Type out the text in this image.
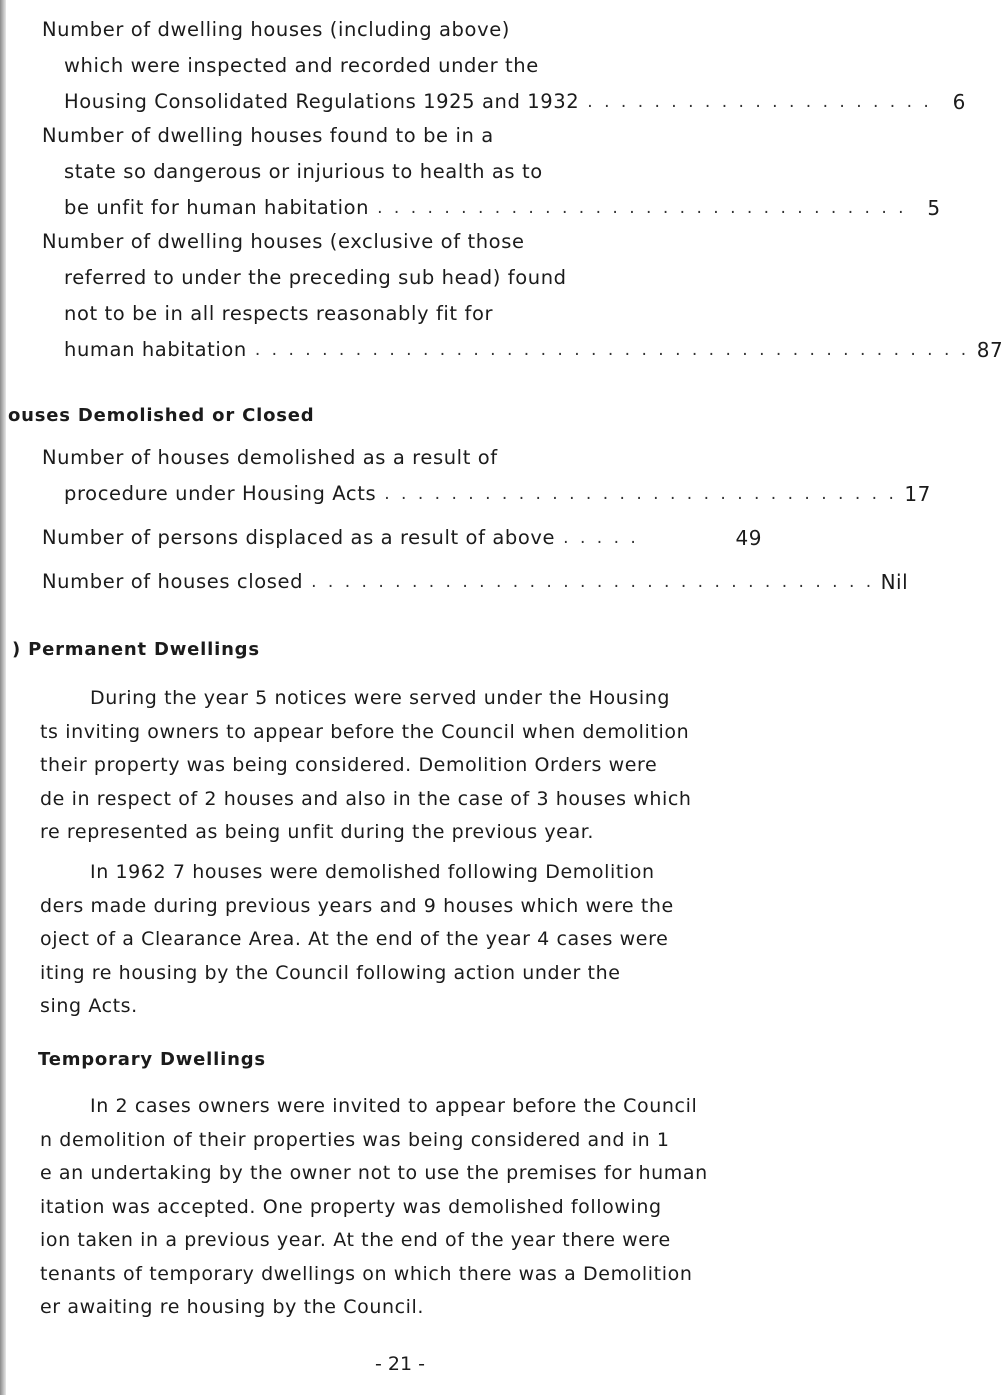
Number of dwelling houses (including above)
which were inspected and recorded under the
Housing Consolidated Regulations 1925 and 1932 . . . . . . . . . . . . . . . . . . . . .	6
Number of dwelling houses found to be in a
state so dangerous or injurious to health as to
be unfit for human habitation . . . . . . . . . . . . . . . . . . . . . . . . . . . . . . . .	5
Number of dwelling houses (exclusive of those
referred to under the preceding sub head) found
not to be in all respects reasonably fit for
human habitation . . . . . . . . . . . . . . . . . . . . . . . . . . . . . . . . . . . . . . . . . . . 87
ouses Demolished or Closed
Number of houses demolished as a result of
procedure under Housing Acts . . . . . . . . . . . . . . . . . . . . . . . . . . . . . . . 17
Number of persons displaced as a result of above . . . . .	49
Number of houses closed . . . . . . . . . . . . . . . . . . . . . . . . . . . . . . . . . . Nil
) Permanent Dwellings
During the year 5 notices were served under the Housing
ts inviting owners to appear before the Council when demolition
their property was being considered. Demolition Orders were
de in respect of 2 houses and also in the case of 3 houses which
re represented as being unfit during the previous year.
In 1962 7 houses were demolished following Demolition
ders made during previous years and 9 houses which were the
oject of a Clearance Area. At the end of the year 4 cases were
iting re housing by the Council following action under the
sing Acts.
Temporary Dwellings
In 2 cases owners were invited to appear before the Council
n demolition of their properties was being considered and in 1
e an undertaking by the owner not to use the premises for human
itation was accepted. One property was demolished following
ion taken in a previous year. At the end of the year there were
tenants of temporary dwellings on which there was a Demolition
er awaiting re housing by the Council.
- 21 -
